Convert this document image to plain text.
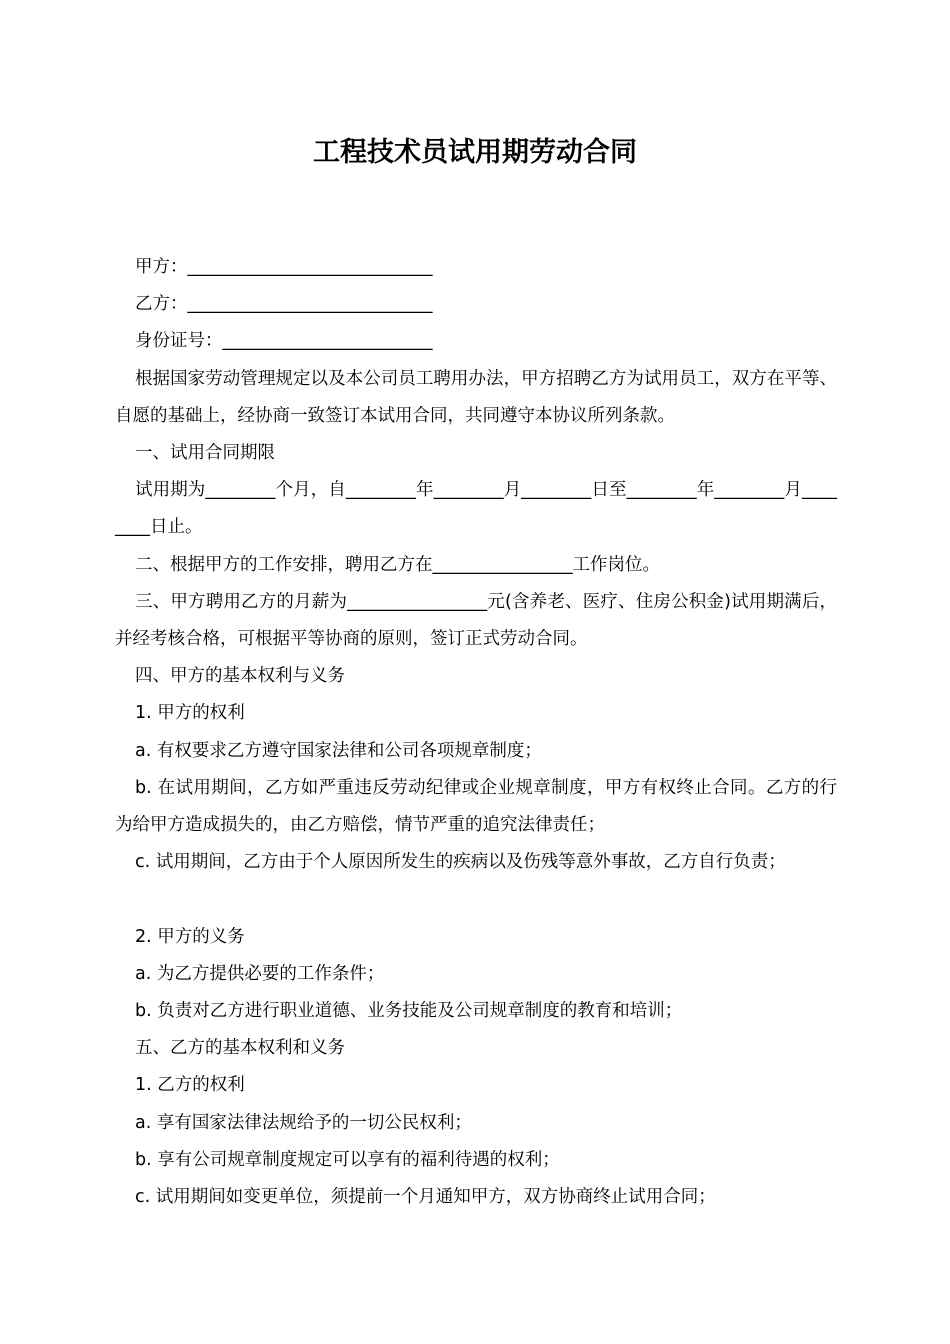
工程技术员试用期劳动合同

甲方：____________________________

乙方：____________________________

身份证号：________________________

根据国家劳动管理规定以及本公司员工聘用办法，甲方招聘乙方为试用员工，双方在平等、自愿的基础上，经协商一致签订本试用合同，共同遵守本协议所列条款。

一、试用合同期限

试用期为________个月，自________年________月________日至________年________月________日止。

二、根据甲方的工作安排，聘用乙方在________________工作岗位。

三、甲方聘用乙方的月薪为________________元(含养老、医疗、住房公积金)试用期满后，并经考核合格，可根据平等协商的原则，签订正式劳动合同。

四、甲方的基本权利与义务

1. 甲方的权利

a. 有权要求乙方遵守国家法律和公司各项规章制度；

b. 在试用期间，乙方如严重违反劳动纪律或企业规章制度，甲方有权终止合同。乙方的行为给甲方造成损失的，由乙方赔偿，情节严重的追究法律责任；

c. 试用期间，乙方由于个人原因所发生的疾病以及伤残等意外事故，乙方自行负责；

2. 甲方的义务

a. 为乙方提供必要的工作条件；

b. 负责对乙方进行职业道德、业务技能及公司规章制度的教育和培训；

五、乙方的基本权利和义务

1. 乙方的权利

a. 享有国家法律法规给予的一切公民权利；

b. 享有公司规章制度规定可以享有的福利待遇的权利；

c. 试用期间如变更单位，须提前一个月通知甲方，双方协商终止试用合同；
